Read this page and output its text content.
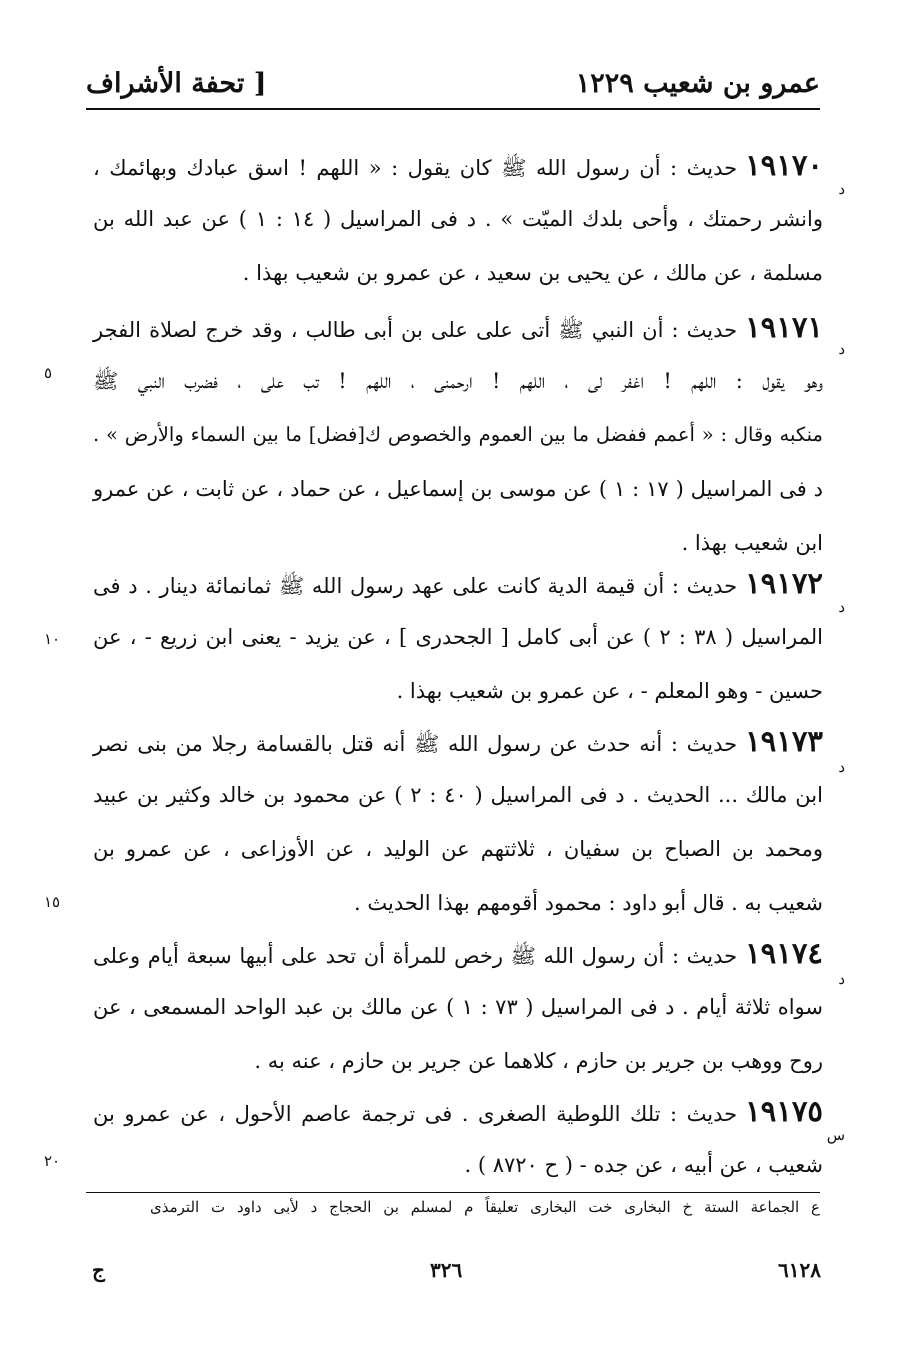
عمرو بن شعيب ١٢٢٩
[ تحفة الأشراف
د
١٩١٧٠حديث : أن رسول الله ﷺ كان يقول : « اللهم ! اسق عبادك وبهائمك ،
وانشر رحمتك ، وأحى بلدك الميّت » . د فى المراسيل ( ١٤ : ١ ) عن عبد الله بن
مسلمة ، عن مالك ، عن يحيى بن سعيد ، عن عمرو بن شعيب بهذا .
د
١٩١٧١حديث : أن النبي ﷺ أتى على على بن أبى طالب ، وقد خرج لصلاة الفجر
وهو يقول : اللهم ! اغفر لى ، اللهم ! ارحمنى ، اللهم ! تب على ، فضرب النبي ﷺ
منكبه وقال : « أعمم ففضل ما بين العموم والخصوص ك[فضل] ما بين السماء والأرض » .
د فى المراسيل ( ١٧ : ١ ) عن موسى بن إسماعيل ، عن حماد ، عن ثابت ، عن عمرو
ابن شعيب بهذا .
د
١٩١٧٢حديث : أن قيمة الدية كانت على عهد رسول الله ﷺ ثمانمائة دينار . د فى
المراسيل ( ٣٨ : ٢ ) عن أبى كامل [ الجحدرى ] ، عن يزيد - يعنى ابن زريع - ، عن
حسين - وهو المعلم - ، عن عمرو بن شعيب بهذا .
د
١٩١٧٣حديث : أنه حدث عن رسول الله ﷺ أنه قتل بالقسامة رجلا من بنى نصر
ابن مالك ... الحديث . د فى المراسيل ( ٤٠ : ٢ ) عن محمود بن خالد وكثير بن عبيد
ومحمد بن الصباح بن سفيان ، ثلاثتهم عن الوليد ، عن الأوزاعى ، عن عمرو بن
شعيب به . قال أبو داود : محمود أقومهم بهذا الحديث .
د
١٩١٧٤حديث : أن رسول الله ﷺ رخص للمرأة أن تحد على أبيها سبعة أيام وعلى
سواه ثلاثة أيام . د فى المراسيل ( ٧٣ : ١ ) عن مالك بن عبد الواحد المسمعى ، عن
روح ووهب بن جرير بن حازم ، كلاهما عن جرير بن حازم ، عنه به .
س
١٩١٧٥حديث : تلك اللوطية الصغرى . فى ترجمة عاصم الأحول ، عن عمرو بن
شعيب ، عن أبيه ، عن جده - ( ح ٨٧٢٠ ) .
٥
١٠
١٥
٢٠
ع الجماعة الستة خ البخارى خت البخارى تعليقاً م لمسلم بن الحجاج د لأبى داود ت الترمذى
٦١٢٨
٣٢٦
ج
